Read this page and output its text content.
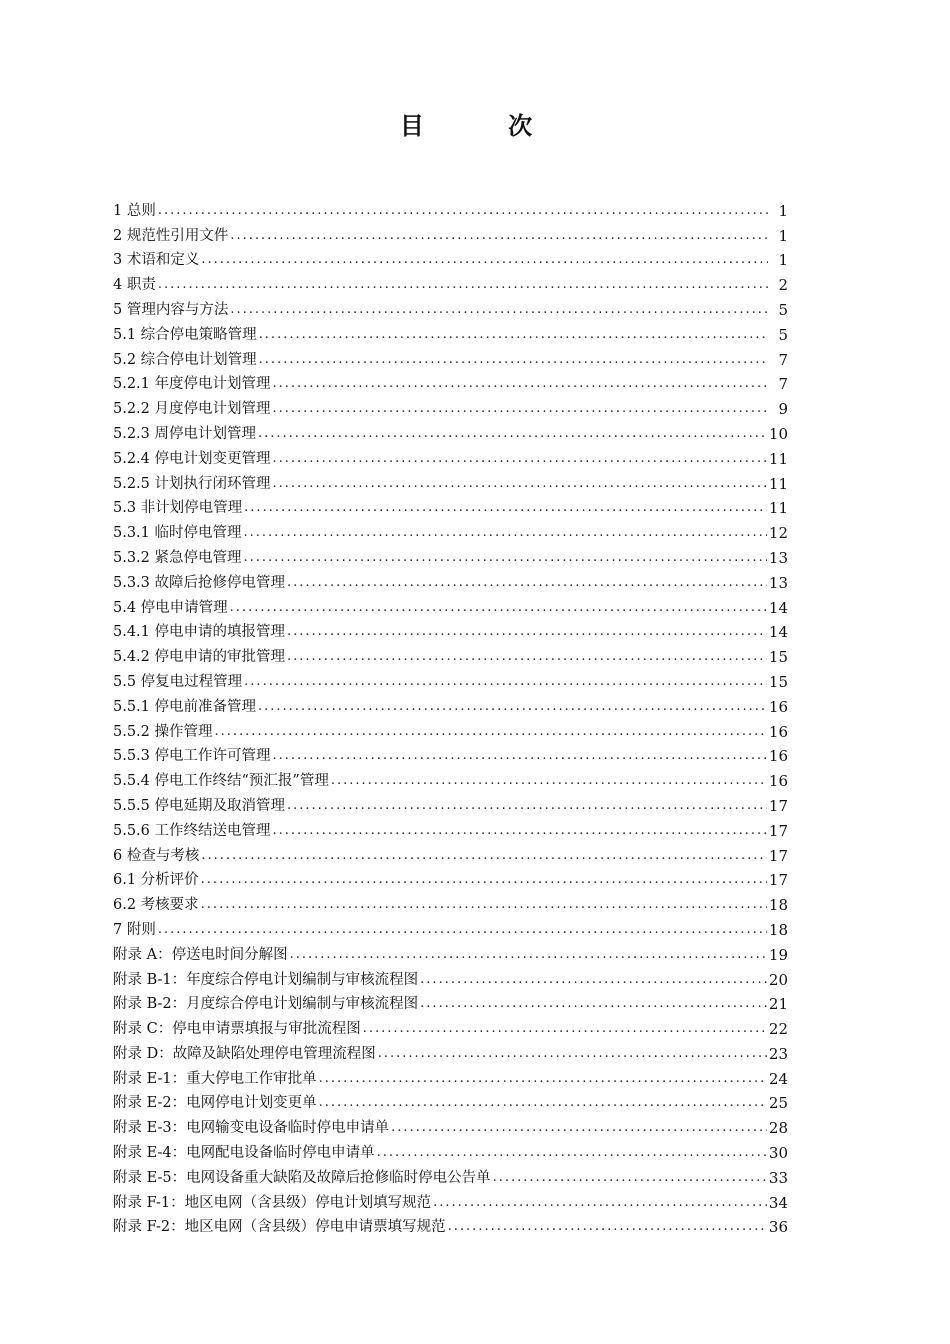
目 次
1 总则 .....	1
2 规范性引用文件 .....	1
3 术语和定义 .....	1
4 职责 .....	2
5 管理内容与方法 .....	5
5.1 综合停电策略管理 .....	5
5.2 综合停电计划管理 .....	7
5.2.1 年度停电计划管理 .....	7
5.2.2 月度停电计划管理 .....	9
5.2.3 周停电计划管理 .....	10
5.2.4 停电计划变更管理 .....	11
5.2.5 计划执行闭环管理 .....	11
5.3 非计划停电管理 .....	11
5.3.1 临时停电管理 .....	12
5.3.2 紧急停电管理 .....	13
5.3.3 故障后抢修停电管理 .....	13
5.4 停电申请管理 .....	14
5.4.1 停电申请的填报管理 .....	14
5.4.2 停电申请的审批管理 .....	15
5.5 停复电过程管理 .....	15
5.5.1 停电前准备管理 .....	16
5.5.2 操作管理 .....	16
5.5.3 停电工作许可管理 .....	16
5.5.4 停电工作终结“预汇报”管理 .....	16
5.5.5 停电延期及取消管理 .....	17
5.5.6 工作终结送电管理 .....	17
6 检查与考核 .....	17
6.1 分析评价 .....	17
6.2 考核要求 .....	18
7 附则 .....	18
附录 A：停送电时间分解图 .....	19
附录 B-1：年度综合停电计划编制与审核流程图 .....	20
附录 B-2：月度综合停电计划编制与审核流程图 .....	21
附录 C：停电申请票填报与审批流程图 .....	22
附录 D：故障及缺陷处理停电管理流程图 .....	23
附录 E-1：重大停电工作审批单 .....	24
附录 E-2：电网停电计划变更单 .....	25
附录 E-3：电网输变电设备临时停电申请单 .....	28
附录 E-4：电网配电设备临时停电申请单 .....	30
附录 E-5：电网设备重大缺陷及故障后抢修临时停电公告单 .....	33
附录 F-1：地区电网（含县级）停电计划填写规范 .....	34
附录 F-2：地区电网（含县级）停电申请票填写规范 .....	36
